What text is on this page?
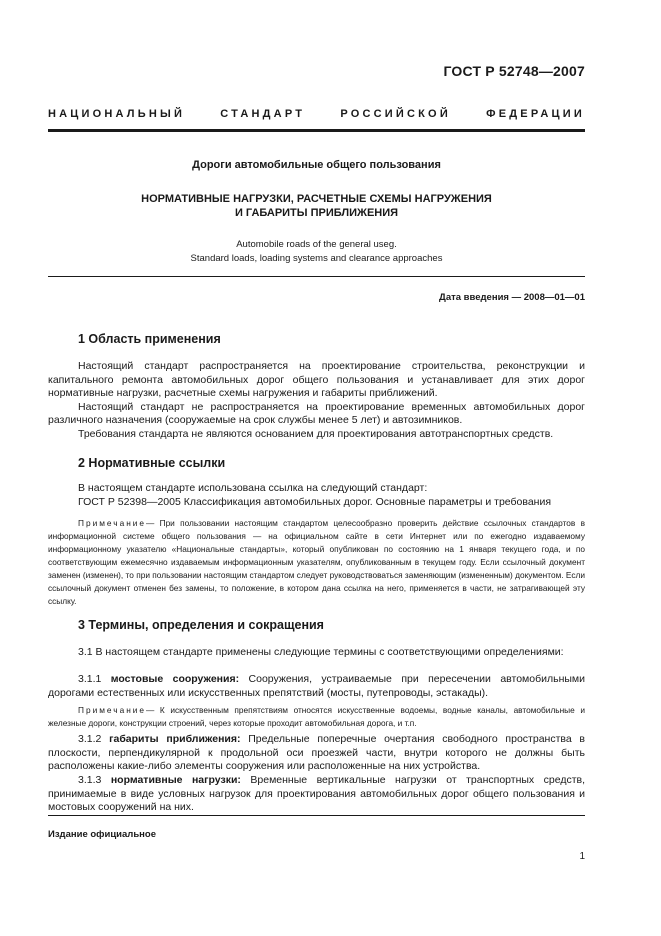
ГОСТ Р 52748—2007
НАЦИОНАЛЬНЫЙ СТАНДАРТ РОССИЙСКОЙ ФЕДЕРАЦИИ
Дороги автомобильные общего пользования
НОРМАТИВНЫЕ НАГРУЗКИ, РАСЧЕТНЫЕ СХЕМЫ НАГРУЖЕНИЯ
И ГАБАРИТЫ ПРИБЛИЖЕНИЯ
Automobile roads of the general useg.
Standard loads, loading systems and clearance approaches
Дата введения — 2008—01—01
1 Область применения
Настоящий стандарт распространяется на проектирование строительства, реконструкции и капитального ремонта автомобильных дорог общего пользования и устанавливает для этих дорог нормативные нагрузки, расчетные схемы нагружения и габариты приближений.
Настоящий стандарт не распространяется на проектирование временных автомобильных дорог различного назначения (сооружаемые на срок службы менее 5 лет) и автозимников.
Требования стандарта не являются основанием для проектирования автотранспортных средств.
2 Нормативные ссылки
В настоящем стандарте использована ссылка на следующий стандарт:
ГОСТ Р 52398—2005 Классификация автомобильных дорог. Основные параметры и требования
Примечание— При пользовании настоящим стандартом целесообразно проверить действие ссылочных стандартов в информационной системе общего пользования — на официальном сайте в сети Интернет или по ежегодно издаваемому информационному указателю «Национальные стандарты», который опубликован по состоянию на 1 января текущего года, и по соответствующим ежемесячно издаваемым информационным указателям, опубликованным в текущем году. Если ссылочный документ заменен (изменен), то при пользовании настоящим стандартом следует руководствоваться заменяющим (измененным) документом. Если ссылочный документ отменен без замены, то положение, в котором дана ссылка на него, применяется в части, не затрагивающей эту ссылку.
3 Термины, определения и сокращения
3.1 В настоящем стандарте применены следующие термины с соответствующими определениями:
3.1.1 мостовые сооружения: Сооружения, устраиваемые при пересечении автомобильными дорогами естественных или искусственных препятствий (мосты, путепроводы, эстакады).
Примечание— К искусственным препятствиям относятся искусственные водоемы, водные каналы, автомобильные и железные дороги, конструкции строений, через которые проходит автомобильная дорога, и т.п.
3.1.2 габариты приближения: Предельные поперечные очертания свободного пространства в плоскости, перпендикулярной к продольной оси проезжей части, внутри которого не должны быть расположены какие-либо элементы сооружения или расположенные на них устройства.
3.1.3 нормативные нагрузки: Временные вертикальные нагрузки от транспортных средств, принимаемые в виде условных нагрузок для проектирования автомобильных дорог общего пользования и мостовых сооружений на них.
Издание официальное
1
